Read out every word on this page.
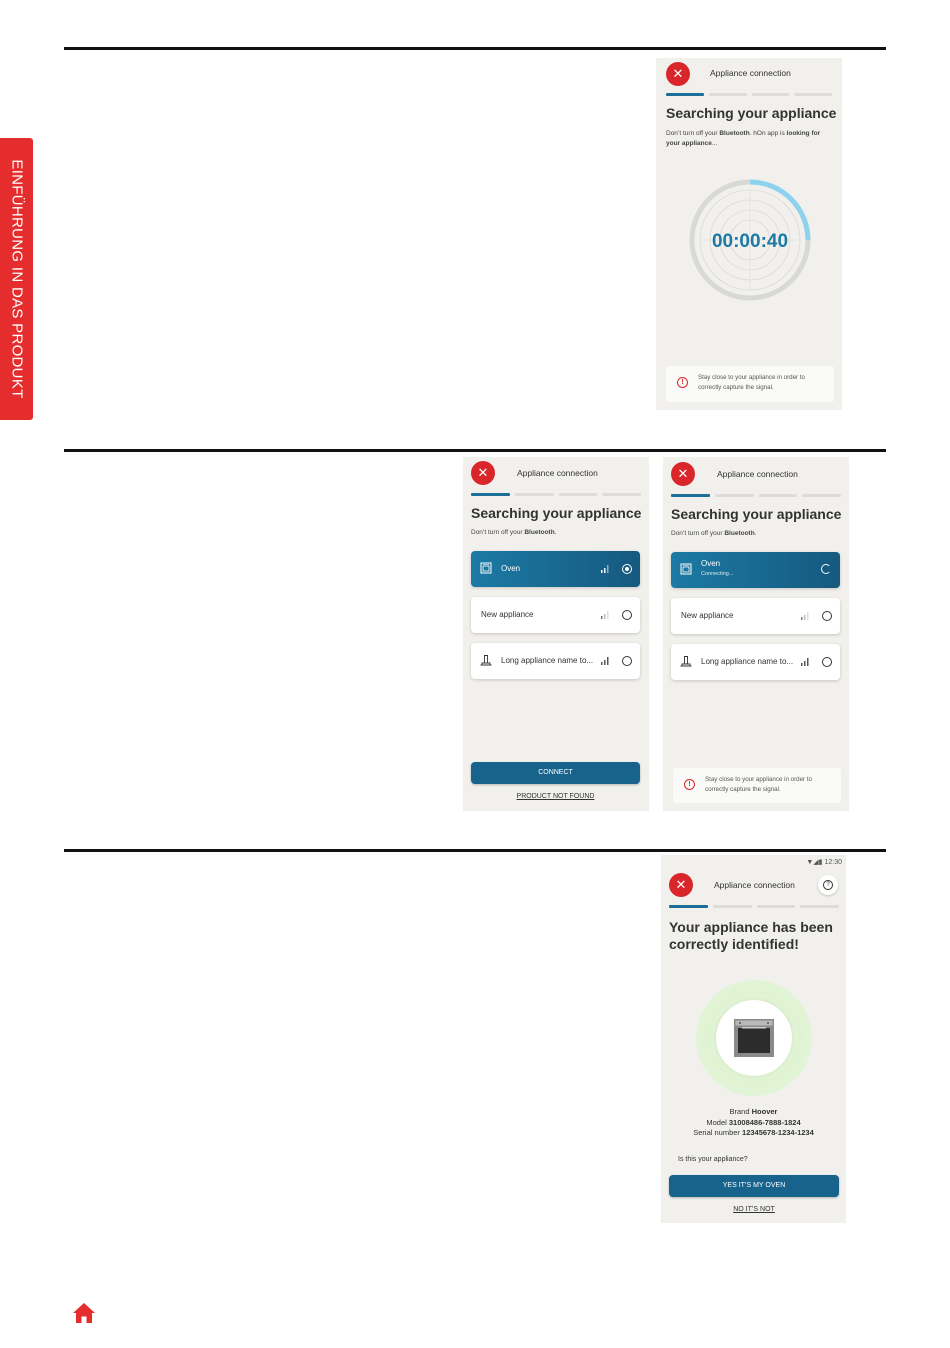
EINFÜHRUNG IN DAS PRODUKT
✕	Appliance connection
Searching your appliance
Don’t turn off your Bluetooth. hOn app is looking for your appliance...
00:00:40
!
Stay close to your appliance in order to correctly capture the signal.
✕	Appliance connection
Searching your appliance
Don’t turn off your Bluetooth.
Oven
New appliance
Long appliance name to...
CONNECT
PRODUCT NOT FOUND
✕	Appliance connection
Searching your appliance
Don’t turn off your Bluetooth.
Oven
Connecting...
New appliance
Long appliance name to...
!
Stay close to your appliance in order to correctly capture the signal.
▼◢▮ 12:30
✕	Appliance connection	?
Your appliance has been
correctly identified!
Brand Hoover
Model 31008486-7888-1824
Serial number 12345678-1234-1234
Is this your appliance?
YES IT’S MY OVEN
NO IT’S NOT
